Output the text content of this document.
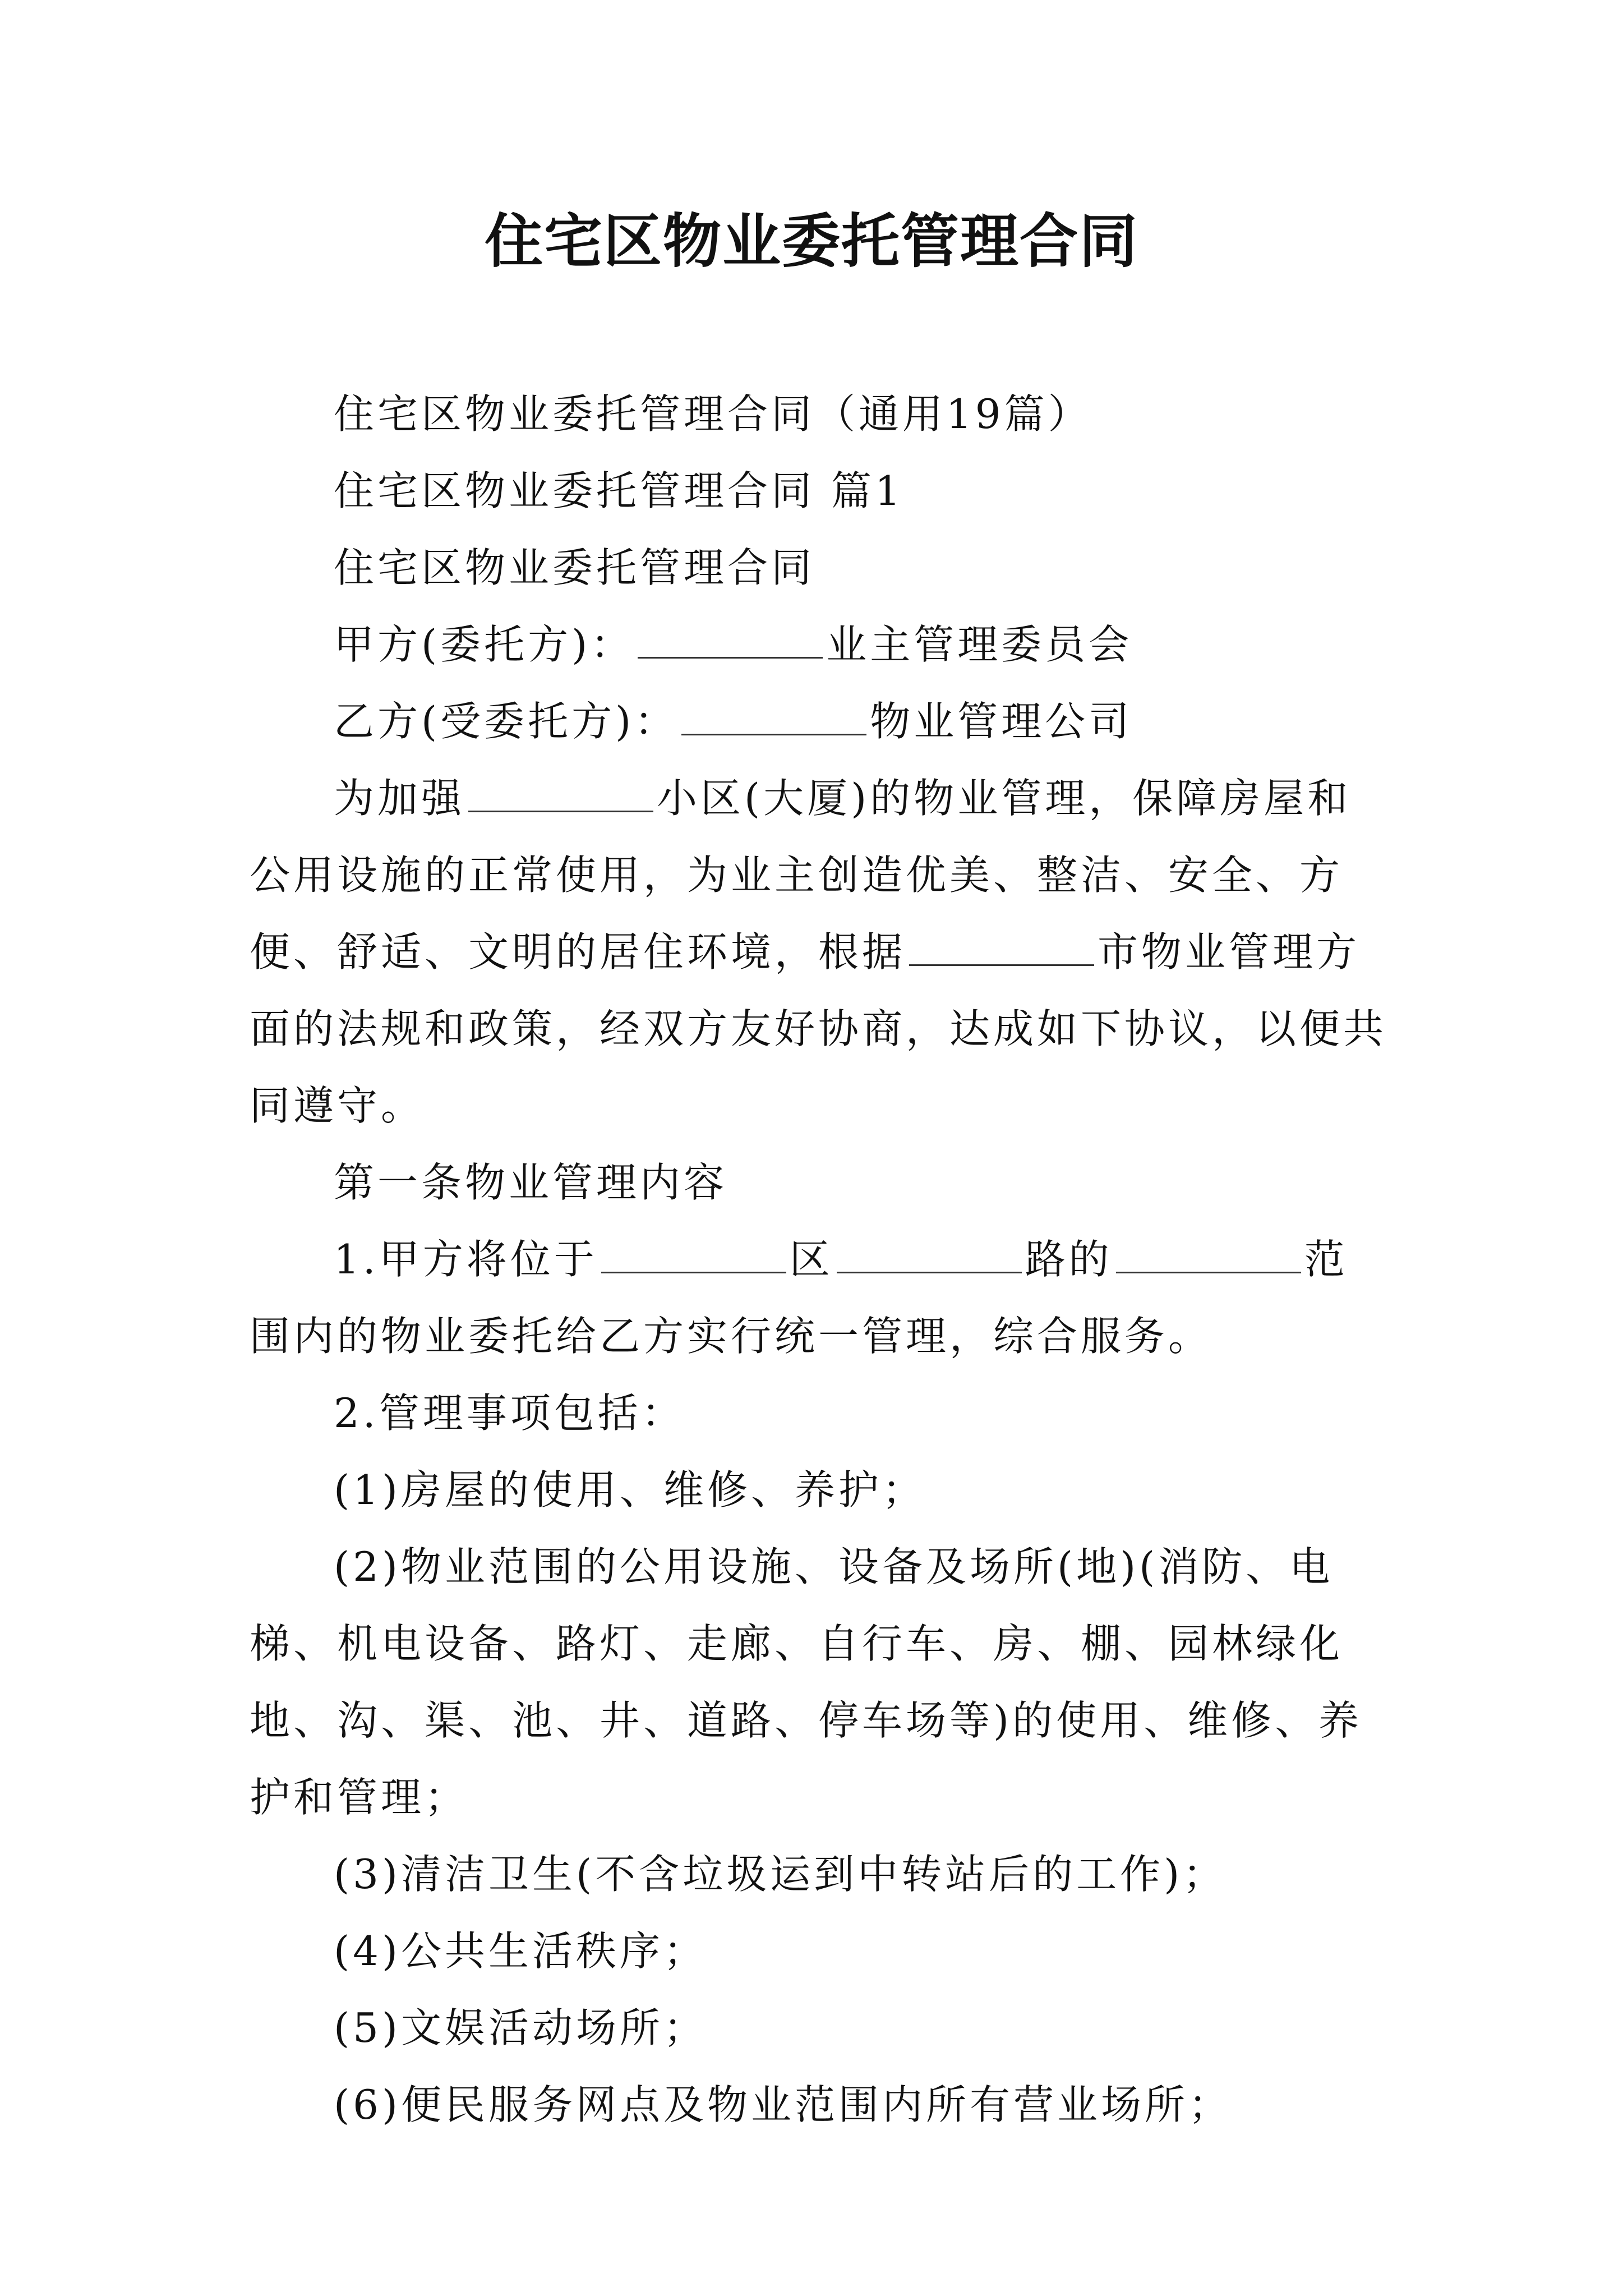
住宅区物业委托管理合同

住宅区物业委托管理合同（通用19篇）

住宅区物业委托管理合同 篇1

住宅区物业委托管理合同

甲方(委托方)：	业主管理委员会

乙方(受委托方)：	物业管理公司

为加强	小区(大厦)的物业管理，保障房屋和公用设施的正常使用，为业主创造优美、整洁、安全、方便、舒适、文明的居住环境，根据	市物业管理方面的法规和政策，经双方友好协商，达成如下协议，以便共同遵守。

第一条物业管理内容

1.甲方将位于	区	路的	范围内的物业委托给乙方实行统一管理，综合服务。

2.管理事项包括：

(1)房屋的使用、维修、养护；

(2)物业范围的公用设施、设备及场所(地)(消防、电梯、机电设备、路灯、走廊、自行车、房、棚、园林绿化地、沟、渠、池、井、道路、停车场等)的使用、维修、养护和管理；

(3)清洁卫生(不含垃圾运到中转站后的工作)；

(4)公共生活秩序；

(5)文娱活动场所；

(6)便民服务网点及物业范围内所有营业场所；
